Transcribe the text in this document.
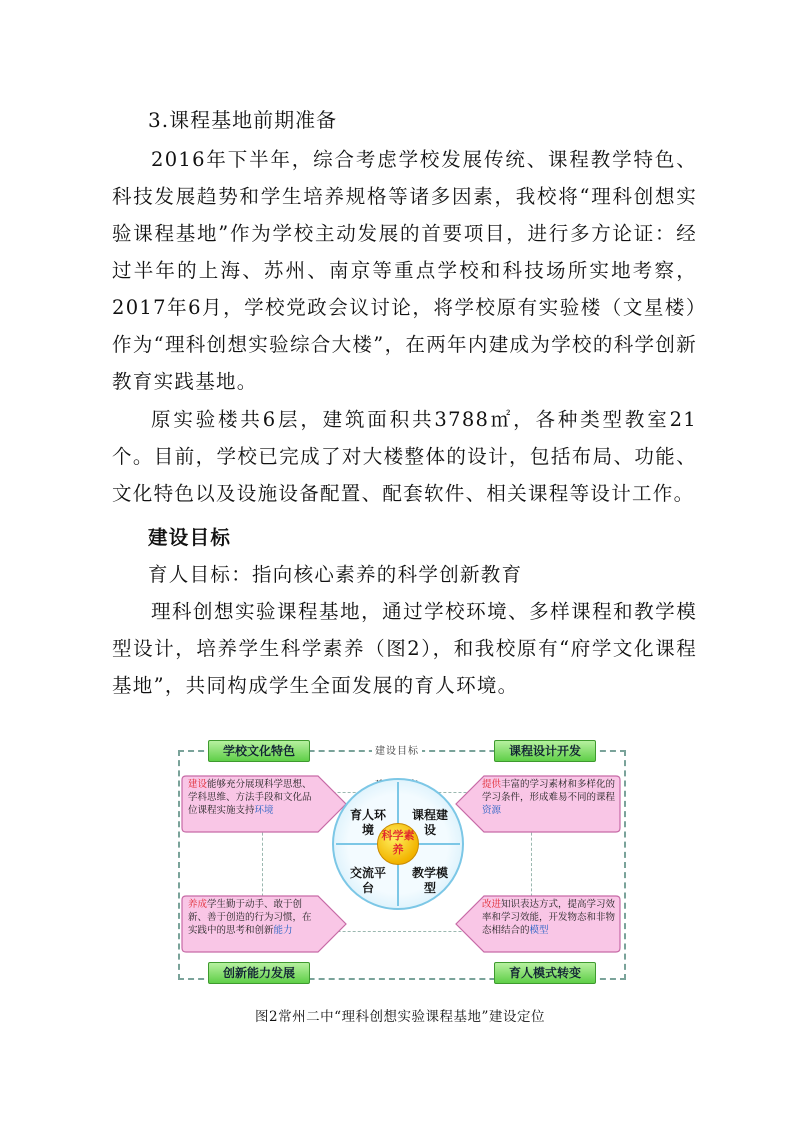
3.课程基地前期准备

2016年下半年，综合考虑学校发展传统、课程教学特色、科技发展趋势和学生培养规格等诸多因素，我校将“理科创想实验课程基地”作为学校主动发展的首要项目，进行多方论证：经过半年的上海、苏州、南京等重点学校和科技场所实地考察，2017年6月，学校党政会议讨论，将学校原有实验楼（文星楼）作为“理科创想实验综合大楼”，在两年内建成为学校的科学创新教育实践基地。

原实验楼共6层，建筑面积共3788㎡，各种类型教室21个。目前，学校已完成了对大楼整体的设计，包括布局、功能、文化特色以及设施设备配置、配套软件、相关课程等设计工作。

建设目标
育人目标：指向核心素养的科学创新教育

理科创想实验课程基地，通过学校环境、多样课程和教学模型设计，培养学生科学素养（图2），和我校原有“府学文化课程基地”，共同构成学生全面发展的育人环境。

建设目标
学校文化特色	课程设计开发
创新能力发展	育人模式转变
建设能够充分展现科学思想、学科思维、方法手段和文化品位课程实施支持环境
提供丰富的学习素材和多样化的学习条件，形成难易不同的课程资源
养成学生勤于动手、敢于创新、善于创造的行为习惯，在实践中的思考和创新能力
改进知识表达方式，提高学习效率和学习效能，开发物态和非物态相结合的模型
育人环境
课程建设
交流平台
教学模型
科学素养
图2常州二中“理科创想实验课程基地”建设定位
